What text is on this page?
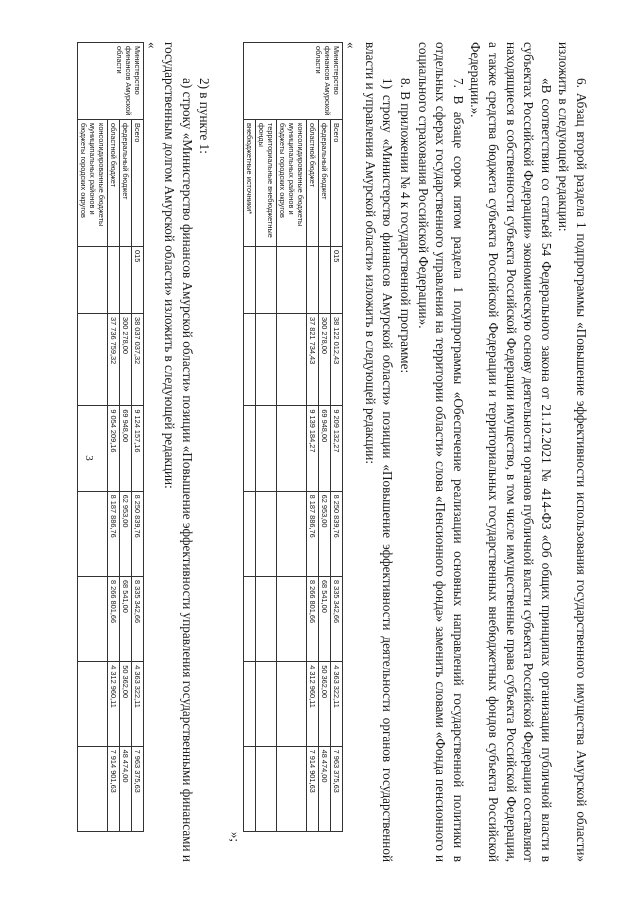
3	6. Абзац второй раздела 1 подпрограммы «Повышение эффективности использования государственного имущества Амурской области» изложить в следующей редакции:

«В соответствии со статьей 54 Федерального закона от 21.12.2021 № 414-ФЗ «Об общих принципах организации публичной власти в субъектах Российской Федерации» экономическую основу деятельности органов публичной власти субъекта Российской Федерации составляют находящиеся в собственности субъекта Российской Федерации имущество, в том числе имущественные права субъекта Российской Федерации, а также средства бюджета субъекта Российской Федерации и территориальных государственных внебюджетных фондов субъекта Российской Федерации.».

7. В абзаце сорок пятом раздела 1 подпрограммы «Обеспечение реализации основных направлений государственной политики в отдельных сферах государственного управления на территории области» слова «Пенсионного фонда» заменить словами «Фонда пенсионного и социального страхования Российской Федерации».

8. В приложении № 4 к государственной программе:

1) строку «Министерство финансов Амурской области» позиции «Повышение эффективности деятельности органов государственной власти и управления Амурской области» изложить в следующей редакции:

«
Министерство финансов Амурской области	Всего	015	38 122 012,43	9 209 132,27	8 250 839,76	8 335 342,66	4 363 322,11	7 963 375,63
	федеральный бюджет		300 278,00	69 948,00	62 953,00	68 541,00	50 362,00	48 474,00
	областной бюджет		37 821 734,43	9 139 184,27	8 187 886,76	8 266 801,66	4 312 960,11	7 914 901,63
	консолидированные бюджеты муниципальных районов и бюджеты городских округов							
	территориальные внебюджетные фонды							
	внебюджетные источники*							
»;

2) в пункте 1:

а) строку «Министерство финансов Амурской области» позиции «Повышение эффективности управления государственными финансами и государственным долгом Амурской области» изложить в следующей редакции:

«
Министерство финансов Амурской области	Всего	015	38 037 037,32	9 124 157,16	8 250 839,76	8 335 342,66	4 363 322,11	7 963 375,63
	федеральный бюджет		300 278,00	69 948,00	62 953,00	68 541,00	50 362,00	48 474,00
	областной бюджет		37 736 759,32	9 054 209,16	8 187 886,76	8 266 801,66	4 312 960,11	7 914 901,63
	консолидированные бюджеты муниципальных районов и бюджеты городских округов							
